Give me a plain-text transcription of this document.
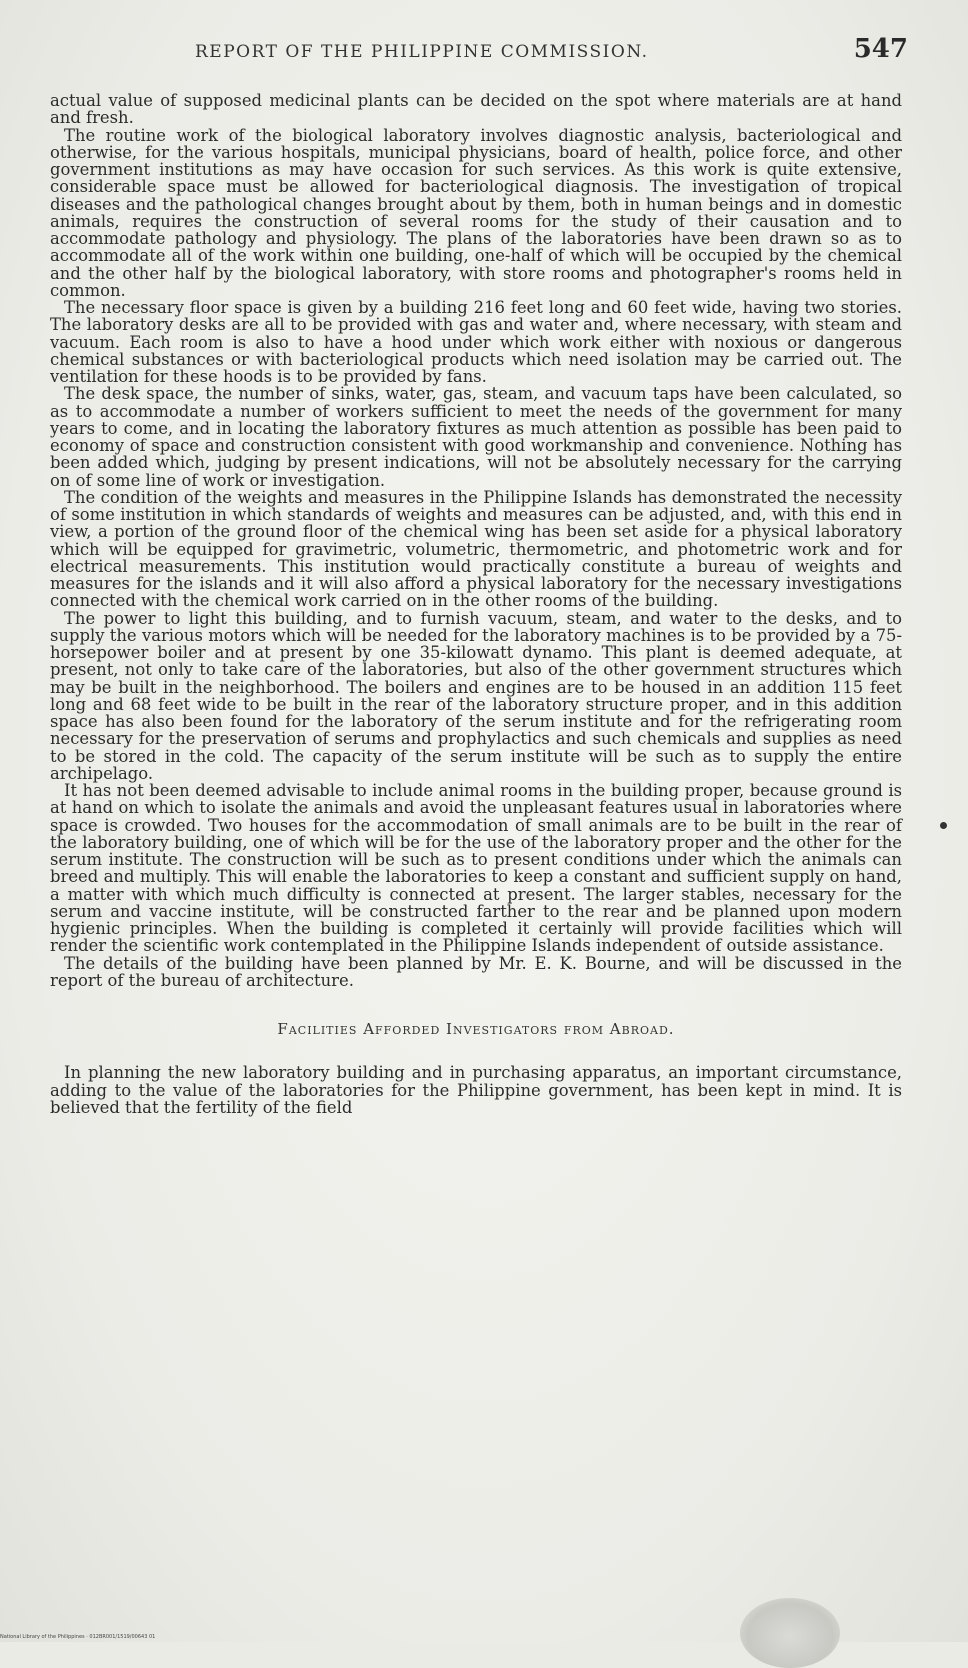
REPORT OF THE PHILIPPINE COMMISSION.	547

actual value of supposed medicinal plants can be decided on the spot where materials are at hand and fresh.

The routine work of the biological laboratory involves diagnostic analysis, bacteriological and otherwise, for the various hospitals, municipal physicians, board of health, police force, and other government institutions as may have occasion for such services. As this work is quite extensive, considerable space must be allowed for bacteriological diagnosis. The investigation of tropical diseases and the pathological changes brought about by them, both in human beings and in domestic animals, requires the construction of several rooms for the study of their causation and to accommodate pathology and physiology. The plans of the laboratories have been drawn so as to accommodate all of the work within one building, one-half of which will be occupied by the chemical and the other half by the biological laboratory, with store rooms and photographer's rooms held in common.

The necessary floor space is given by a building 216 feet long and 60 feet wide, having two stories. The laboratory desks are all to be provided with gas and water and, where necessary, with steam and vacuum. Each room is also to have a hood under which work either with noxious or dangerous chemical substances or with bacteriological products which need isolation may be carried out. The ventilation for these hoods is to be provided by fans.

The desk space, the number of sinks, water, gas, steam, and vacuum taps have been calculated, so as to accommodate a number of workers sufficient to meet the needs of the government for many years to come, and in locating the laboratory fixtures as much attention as possible has been paid to economy of space and construction consistent with good workmanship and convenience. Nothing has been added which, judging by present indications, will not be absolutely necessary for the carrying on of some line of work or investigation.

The condition of the weights and measures in the Philippine Islands has demonstrated the necessity of some institution in which standards of weights and measures can be adjusted, and, with this end in view, a portion of the ground floor of the chemical wing has been set aside for a physical laboratory which will be equipped for gravimetric, volumetric, thermometric, and photometric work and for electrical measurements. This institution would practically constitute a bureau of weights and measures for the islands and it will also afford a physical laboratory for the necessary investigations connected with the chemical work carried on in the other rooms of the building.

The power to light this building, and to furnish vacuum, steam, and water to the desks, and to supply the various motors which will be needed for the laboratory machines is to be provided by a 75-horsepower boiler and at present by one 35-kilowatt dynamo. This plant is deemed adequate, at present, not only to take care of the laboratories, but also of the other government structures which may be built in the neighborhood. The boilers and engines are to be housed in an addition 115 feet long and 68 feet wide to be built in the rear of the laboratory structure proper, and in this addition space has also been found for the laboratory of the serum institute and for the refrigerating room necessary for the preservation of serums and prophylactics and such chemicals and supplies as need to be stored in the cold. The capacity of the serum institute will be such as to supply the entire archipelago.

It has not been deemed advisable to include animal rooms in the building proper, because ground is at hand on which to isolate the animals and avoid the unpleasant features usual in laboratories where space is crowded. Two houses for the accommodation of small animals are to be built in the rear of the laboratory building, one of which will be for the use of the laboratory proper and the other for the serum institute. The construction will be such as to present conditions under which the animals can breed and multiply. This will enable the laboratories to keep a constant and sufficient supply on hand, a matter with which much difficulty is connected at present. The larger stables, necessary for the serum and vaccine institute, will be constructed farther to the rear and be planned upon modern hygienic principles. When the building is completed it certainly will provide facilities which will render the scientific work contemplated in the Philippine Islands independent of outside assistance.

The details of the building have been planned by Mr. E. K. Bourne, and will be discussed in the report of the bureau of architecture.

Facilities Afforded Investigators from Abroad.

In planning the new laboratory building and in purchasing apparatus, an important circumstance, adding to the value of the laboratories for the Philippine government, has been kept in mind. It is believed that the fertility of the field

National Library of the Philippines · 012BR001/1519/00643 01
